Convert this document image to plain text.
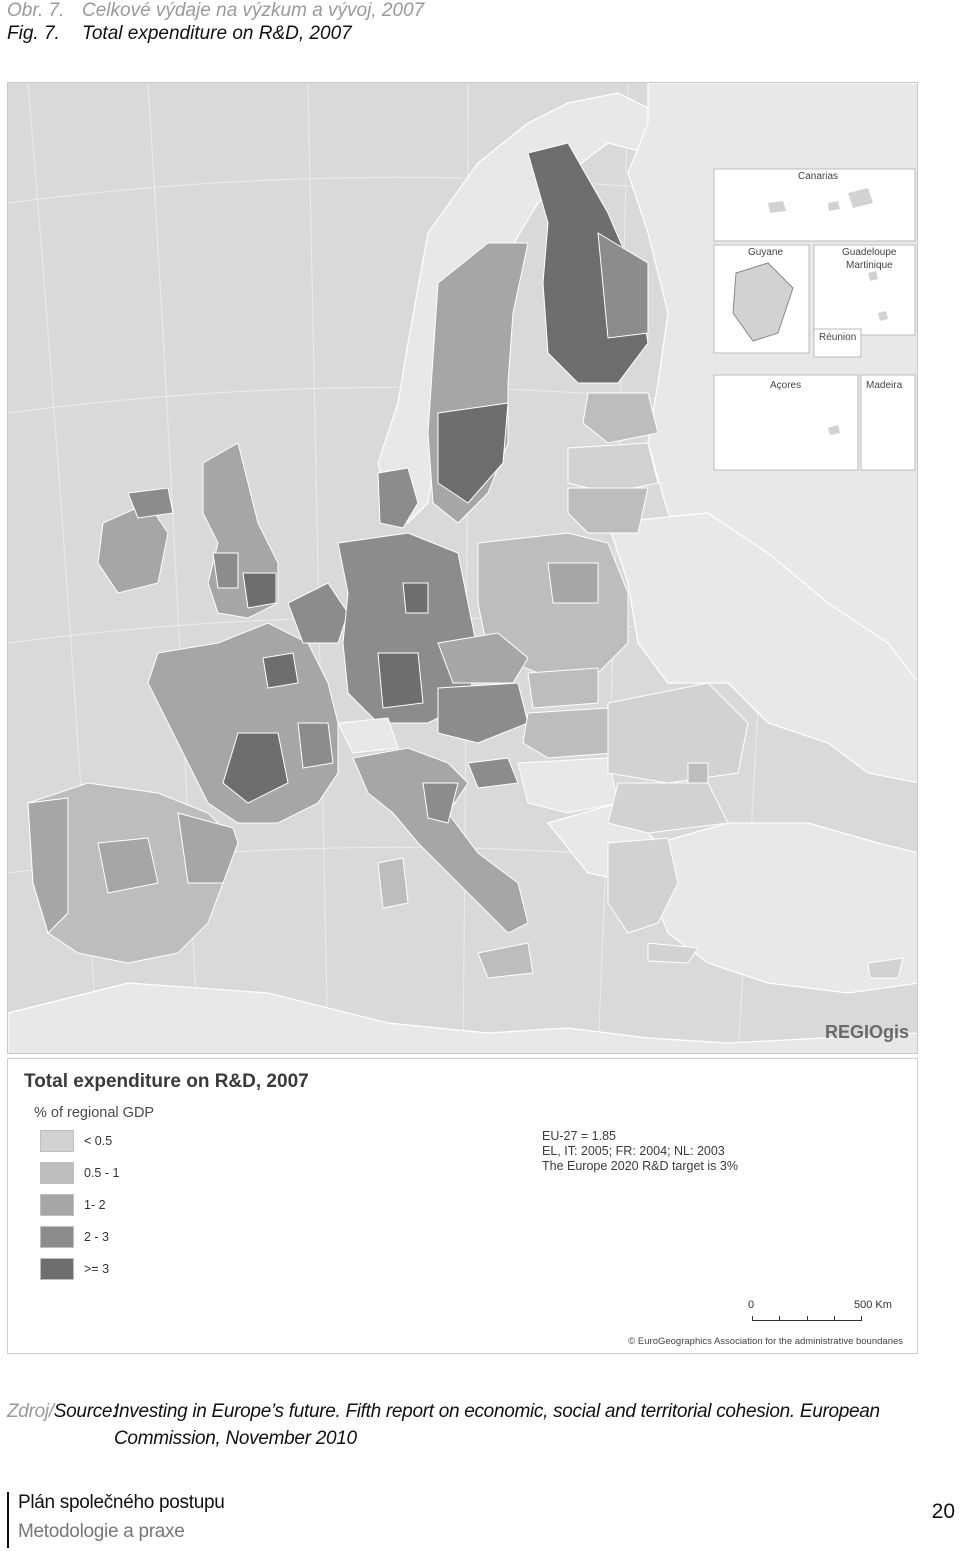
Obr. 7. Celkové výdaje na výzkum a vývoj, 2007
Fig. 7. Total expenditure on R&D, 2007
Canarias
Guyane	Guadeloupe
Martinique
Réunion
Açores	Madeira
REGIOgis
Total expenditure on R&D, 2007
% of regional GDP
< 0.5
0.5 - 1
1- 2
2 - 3
>= 3
EU-27 = 1.85
EL, IT: 2005; FR: 2004; NL: 2003
The Europe 2020 R&D target is 3%
0	500 Km
© EuroGeographics Association for the administrative boundaries
Zdroj/Source:
Investing in Europe’s future. Fifth report on economic, social and territorial cohesion. European Commission, November 2010
Plán společného postupu
Metodologie a praxe
20
